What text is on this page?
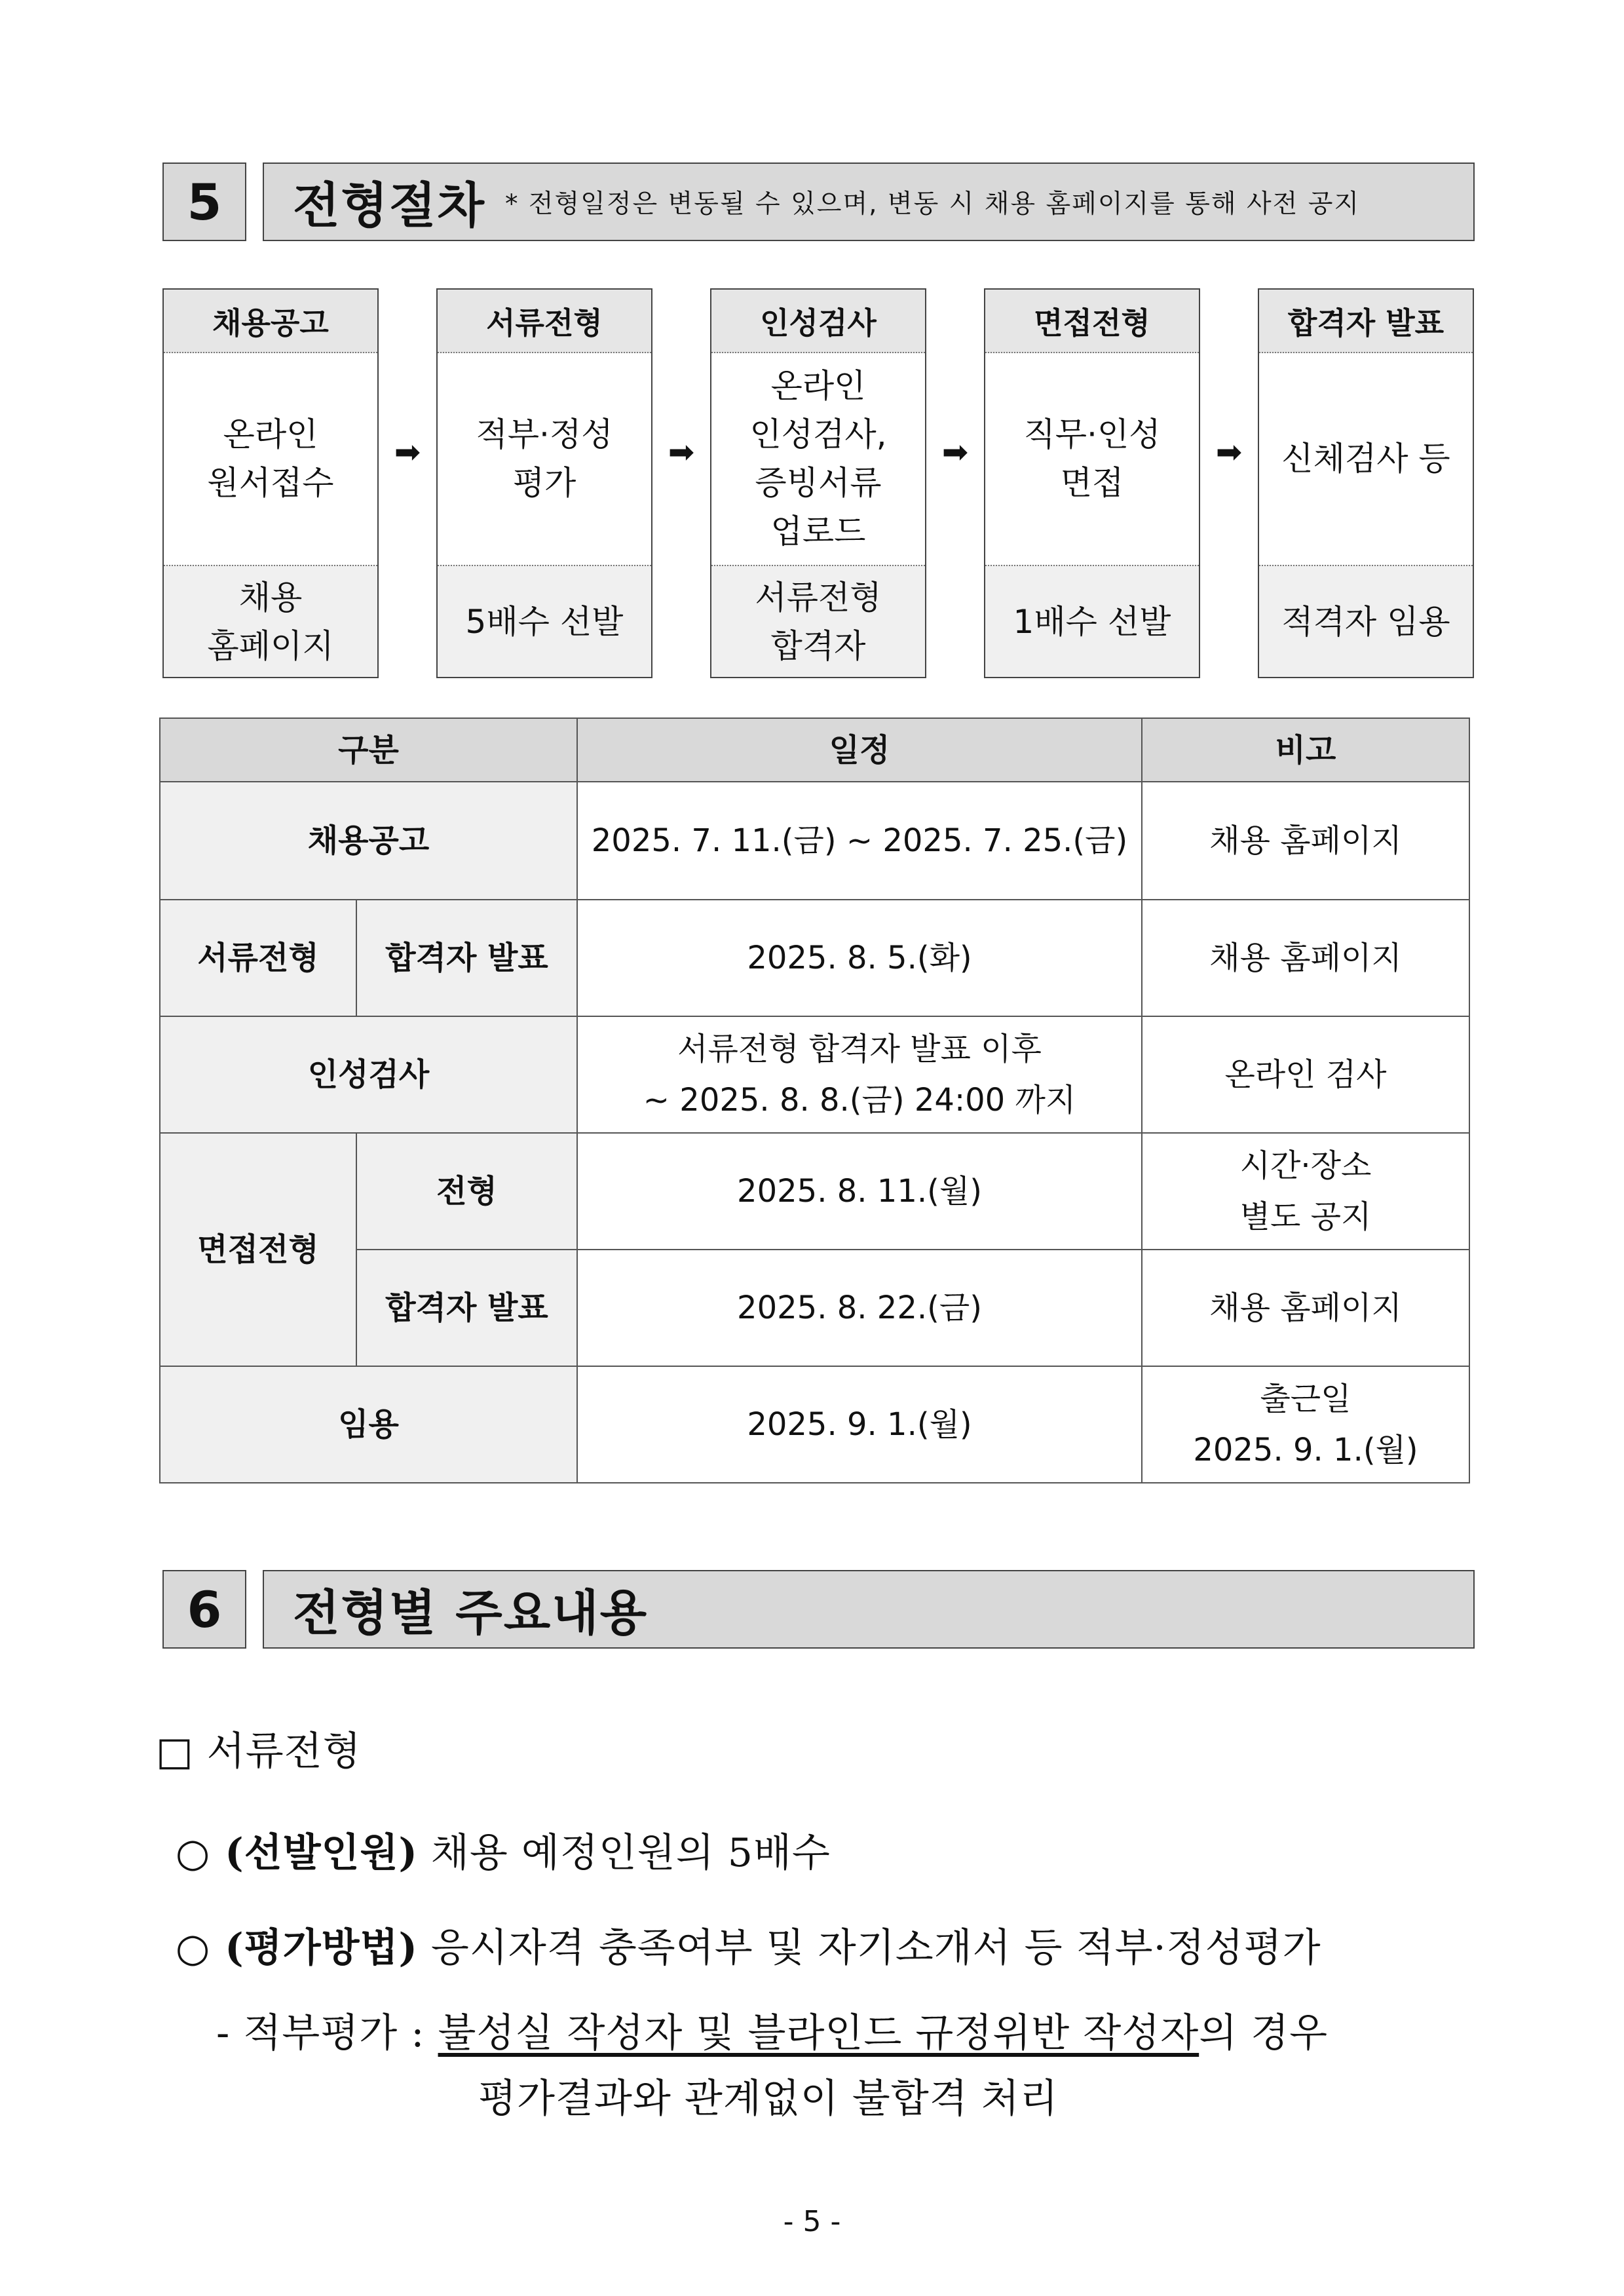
5	전형절차 * 전형일정은 변동될 수 있으며, 변동 시 채용 홈페이지를 통해 사전 공지
채용공고
온라인
원서접수
채용
홈페이지
➡
서류전형
적부·정성
평가
5배수 선발
➡
인성검사
온라인
인성검사,
증빙서류
업로드
서류전형
합격자
➡
면접전형
직무·인성
면접
1배수 선발
➡
합격자 발표
신체검사 등
적격자 임용
구분		일정	비고
채용공고		2025. 7. 11.(금) ~ 2025. 7. 25.(금)	채용 홈페이지
서류전형	합격자 발표	2025. 8. 5.(화)	채용 홈페이지
인성검사		서류전형 합격자 발표 이후
~ 2025. 8. 8.(금) 24:00 까지	온라인 검사
면접전형	전형	2025. 8. 11.(월)	시간·장소
별도 공지
	합격자 발표	2025. 8. 22.(금)	채용 홈페이지
임용		2025. 9. 1.(월)	출근일
2025. 9. 1.(월)
6	전형별 주요내용
□ 서류전형
○ (선발인원) 채용 예정인원의 5배수
○ (평가방법) 응시자격 충족여부 및 자기소개서 등 적부·정성평가
- 적부평가 : 불성실 작성자 및 블라인드 규정위반 작성자의 경우
평가결과와 관계없이 불합격 처리
- 5 -
